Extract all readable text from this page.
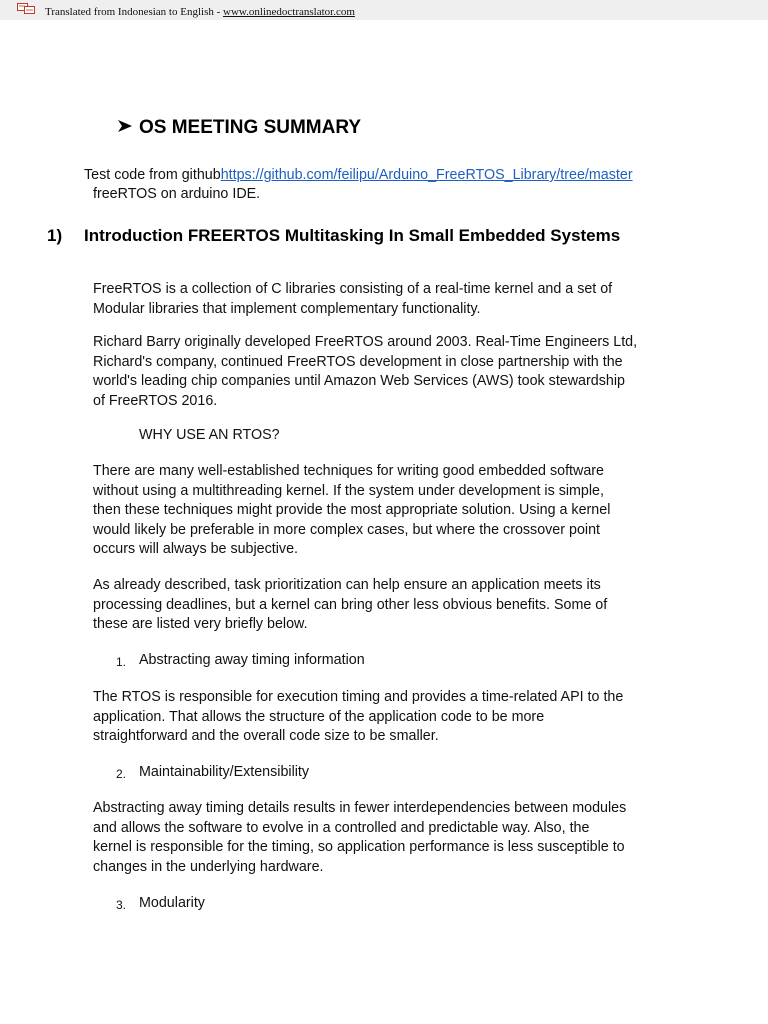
Translated from Indonesian to English - www.onlinedoctranslator.com
OS MEETING SUMMARY
Test code from githubhttps://github.com/feilipu/Arduino_FreeRTOS_Library/tree/master
freeRTOS on arduino IDE.
1) Introduction FREERTOS Multitasking In Small Embedded Systems
FreeRTOS is a collection of C libraries consisting of a real-time kernel and a set of
Modular libraries that implement complementary functionality.
Richard Barry originally developed FreeRTOS around 2003. Real-Time Engineers Ltd,
Richard's company, continued FreeRTOS development in close partnership with the
world's leading chip companies until Amazon Web Services (AWS) took stewardship
of FreeRTOS 2016.
WHY USE AN RTOS?
There are many well-established techniques for writing good embedded software
without using a multithreading kernel. If the system under development is simple,
then these techniques might provide the most appropriate solution. Using a kernel
would likely be preferable in more complex cases, but where the crossover point
occurs will always be subjective.
As already described, task prioritization can help ensure an application meets its
processing deadlines, but a kernel can bring other less obvious benefits. Some of
these are listed very briefly below.
1. Abstracting away timing information
The RTOS is responsible for execution timing and provides a time-related API to the
application. That allows the structure of the application code to be more
straightforward and the overall code size to be smaller.
2. Maintainability/Extensibility
Abstracting away timing details results in fewer interdependencies between modules
and allows the software to evolve in a controlled and predictable way. Also, the
kernel is responsible for the timing, so application performance is less susceptible to
changes in the underlying hardware.
3. Modularity
